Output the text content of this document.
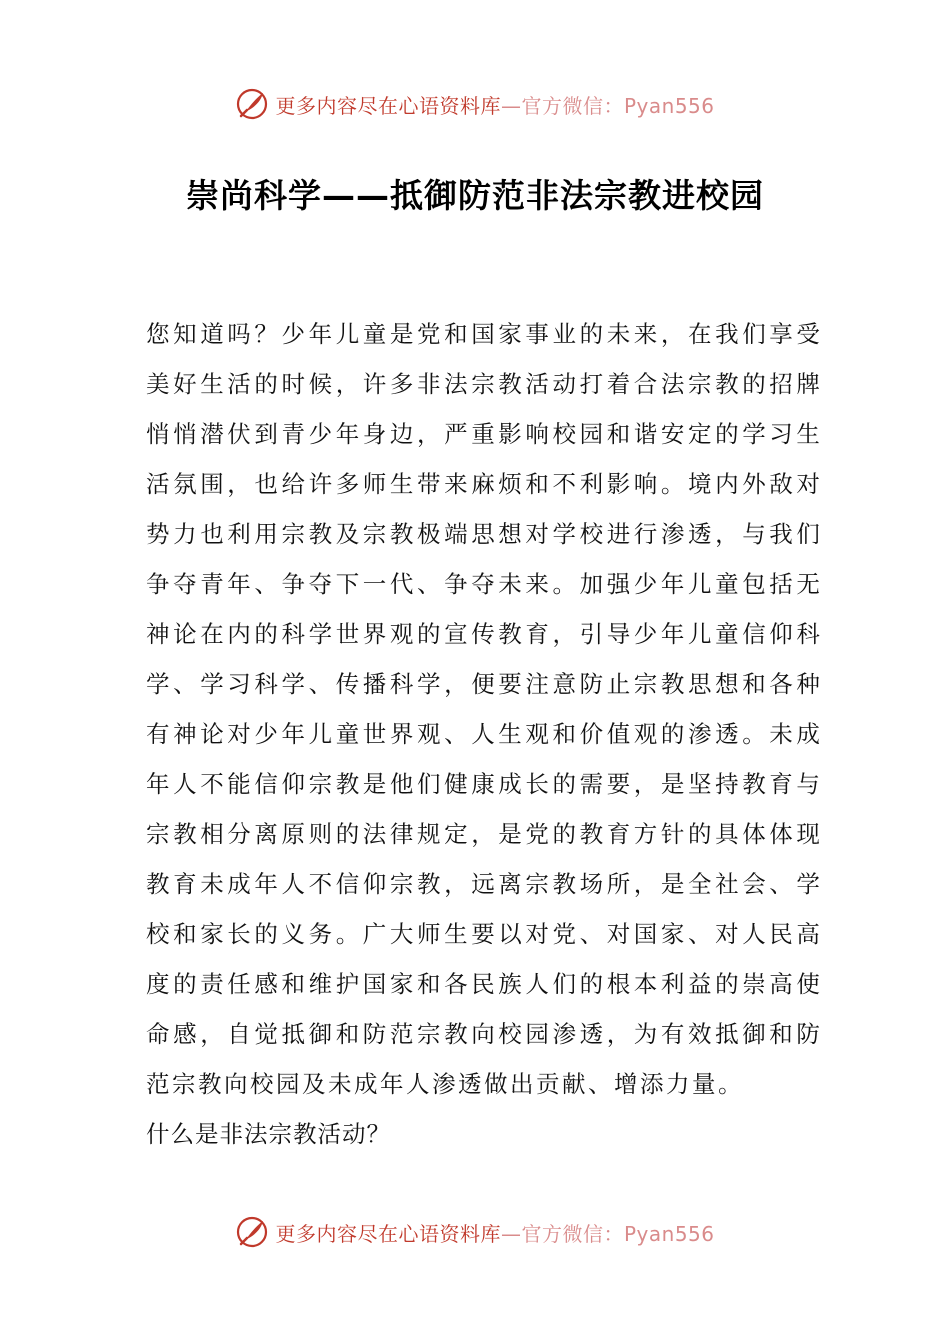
更多内容尽在心语资料库—官方微信：Pyan556
崇尚科学——抵御防范非法宗教进校园
您知道吗？少年儿童是党和国家事业的未来，在我们享受
美好生活的时候，许多非法宗教活动打着合法宗教的招牌
悄悄潜伏到青少年身边，严重影响校园和谐安定的学习生
活氛围，也给许多师生带来麻烦和不利影响。境内外敌对
势力也利用宗教及宗教极端思想对学校进行渗透，与我们
争夺青年、争夺下一代、争夺未来。加强少年儿童包括无
神论在内的科学世界观的宣传教育，引导少年儿童信仰科
学、学习科学、传播科学，便要注意防止宗教思想和各种
有神论对少年儿童世界观、人生观和价值观的渗透。未成
年人不能信仰宗教是他们健康成长的需要，是坚持教育与
宗教相分离原则的法律规定，是党的教育方针的具体体现
教育未成年人不信仰宗教，远离宗教场所，是全社会、学
校和家长的义务。广大师生要以对党、对国家、对人民高
度的责任感和维护国家和各民族人们的根本利益的崇高使
命感，自觉抵御和防范宗教向校园渗透，为有效抵御和防
范宗教向校园及未成年人渗透做出贡献、增添力量。
什么是非法宗教活动？
更多内容尽在心语资料库—官方微信：Pyan556
